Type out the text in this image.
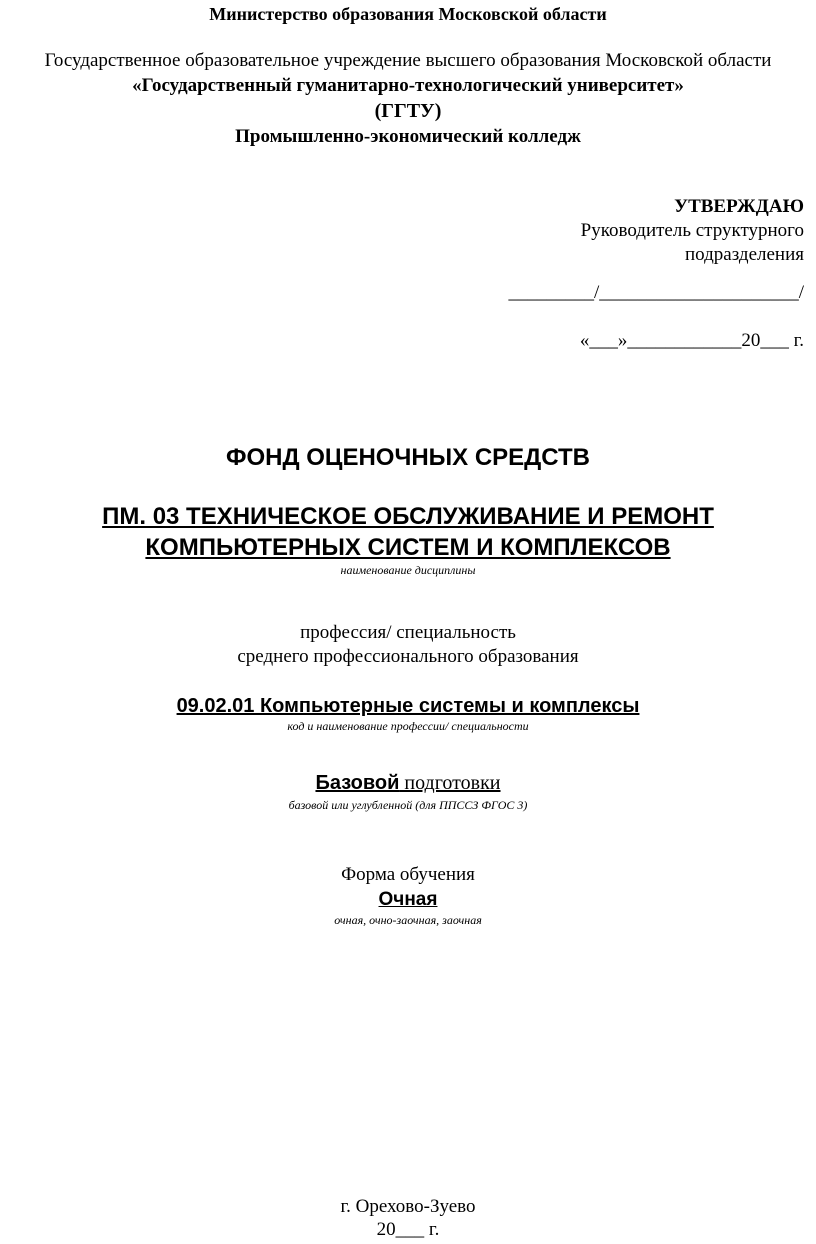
Министерство образования Московской области
Государственное образовательное учреждение высшего образования Московской области
«Государственный гуманитарно-технологический университет»
(ГГТУ)
Промышленно-экономический колледж
УТВЕРЖДАЮ
Руководитель структурного
подразделения
_________/_____________________/
«___»____________20___ г.
ФОНД ОЦЕНОЧНЫХ СРЕДСТВ
ПМ. 03 ТЕХНИЧЕСКОЕ ОБСЛУЖИВАНИЕ И РЕМОНТ
КОМПЬЮТЕРНЫХ СИСТЕМ И КОМПЛЕКСОВ
наименование дисциплины
профессия/ специальность
среднего профессионального образования
09.02.01 Компьютерные системы и комплексы
код и наименование профессии/ специальности
Базовой подготовки
базовой или углубленной (для ППССЗ ФГОС 3)
Форма обучения
Очная
очная, очно-заочная, заочная
г. Орехово-Зуево
20___ г.
